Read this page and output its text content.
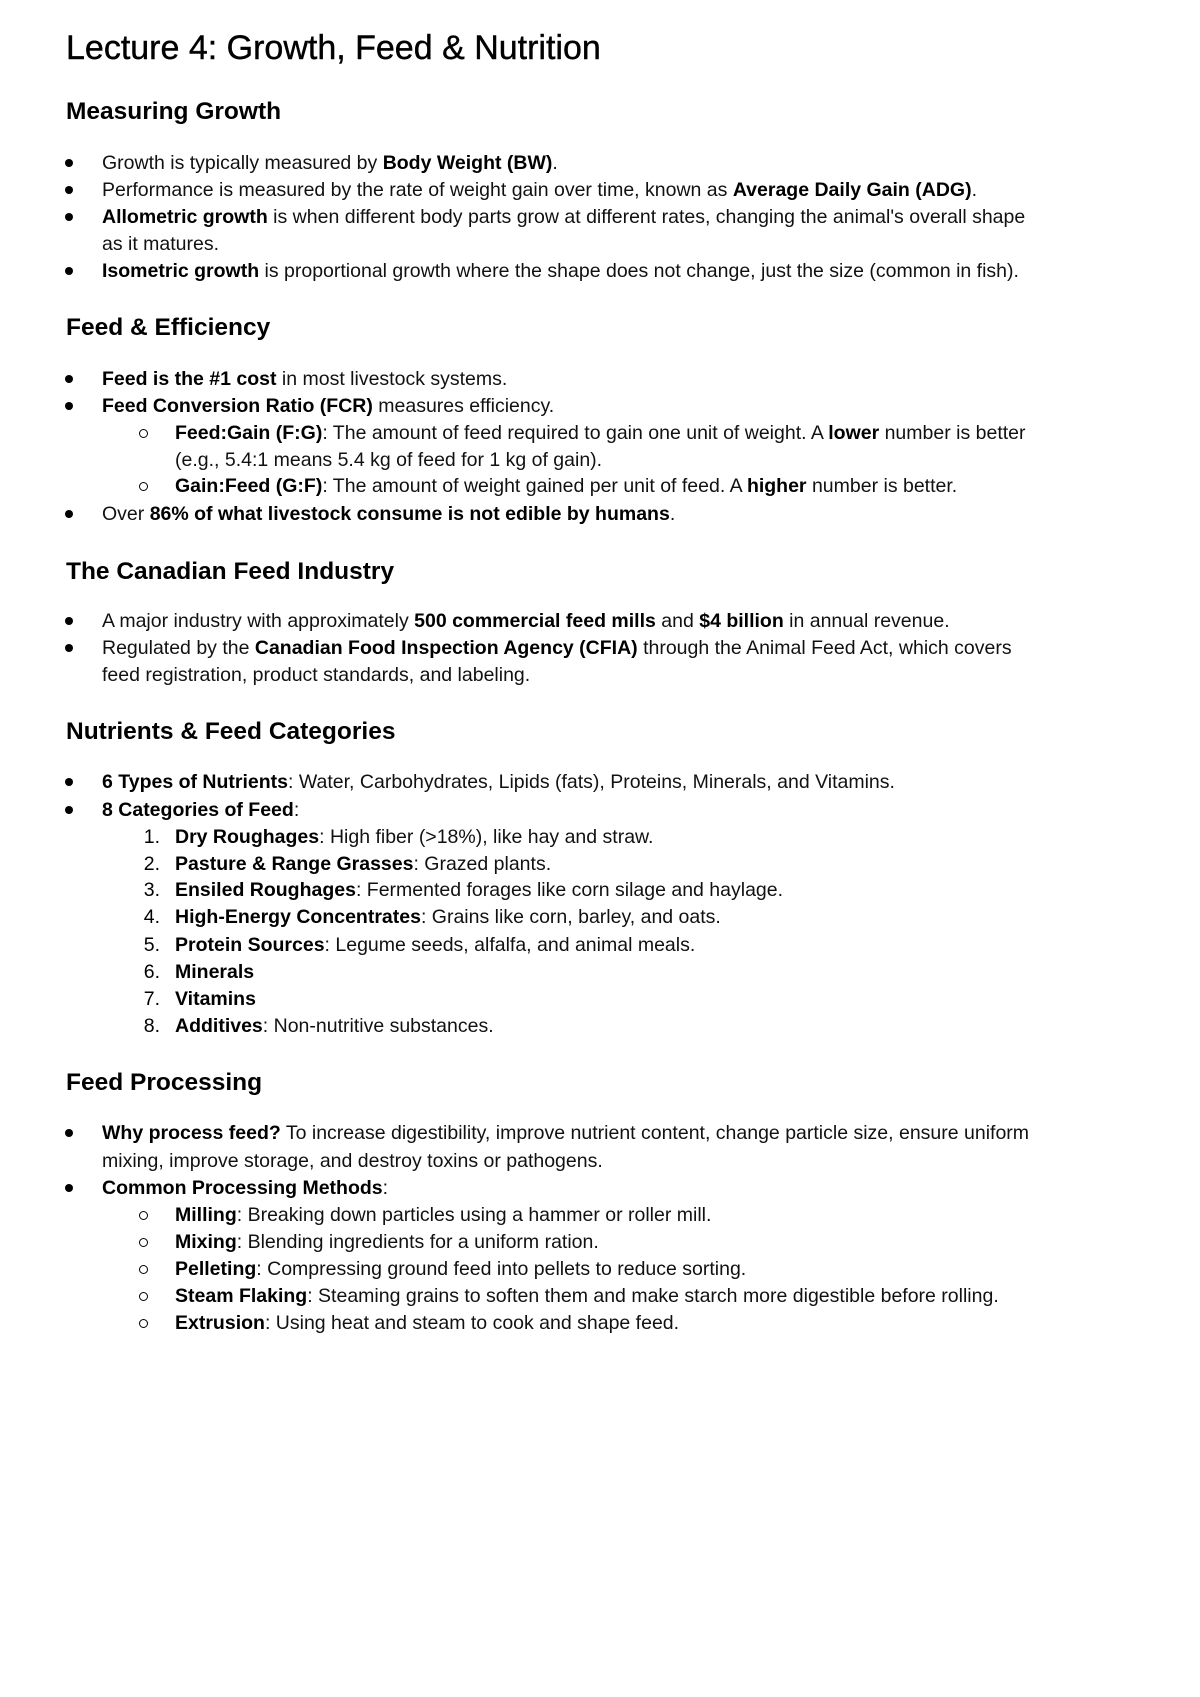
Lecture 4: Growth, Feed & Nutrition
Measuring Growth
Growth is typically measured by Body Weight (BW).
Performance is measured by the rate of weight gain over time, known as Average Daily Gain (ADG).
Allometric growth is when different body parts grow at different rates, changing the animal's overall shape
as it matures.
Isometric growth is proportional growth where the shape does not change, just the size (common in fish).
Feed & Efficiency
Feed is the #1 cost in most livestock systems.
Feed Conversion Ratio (FCR) measures efficiency.
Feed:Gain (F:G): The amount of feed required to gain one unit of weight. A lower number is better
(e.g., 5.4:1 means 5.4 kg of feed for 1 kg of gain).
Gain:Feed (G:F): The amount of weight gained per unit of feed. A higher number is better.
Over 86% of what livestock consume is not edible by humans.
The Canadian Feed Industry
A major industry with approximately 500 commercial feed mills and $4 billion in annual revenue.
Regulated by the Canadian Food Inspection Agency (CFIA) through the Animal Feed Act, which covers
feed registration, product standards, and labeling.
Nutrients & Feed Categories
6 Types of Nutrients: Water, Carbohydrates, Lipids (fats), Proteins, Minerals, and Vitamins.
8 Categories of Feed:
1. Dry Roughages: High fiber (>18%), like hay and straw.
2. Pasture & Range Grasses: Grazed plants.
3. Ensiled Roughages: Fermented forages like corn silage and haylage.
4. High-Energy Concentrates: Grains like corn, barley, and oats.
5. Protein Sources: Legume seeds, alfalfa, and animal meals.
6. Minerals
7. Vitamins
8. Additives: Non-nutritive substances.
Feed Processing
Why process feed? To increase digestibility, improve nutrient content, change particle size, ensure uniform
mixing, improve storage, and destroy toxins or pathogens.
Common Processing Methods:
Milling: Breaking down particles using a hammer or roller mill.
Mixing: Blending ingredients for a uniform ration.
Pelleting: Compressing ground feed into pellets to reduce sorting.
Steam Flaking: Steaming grains to soften them and make starch more digestible before rolling.
Extrusion: Using heat and steam to cook and shape feed.
